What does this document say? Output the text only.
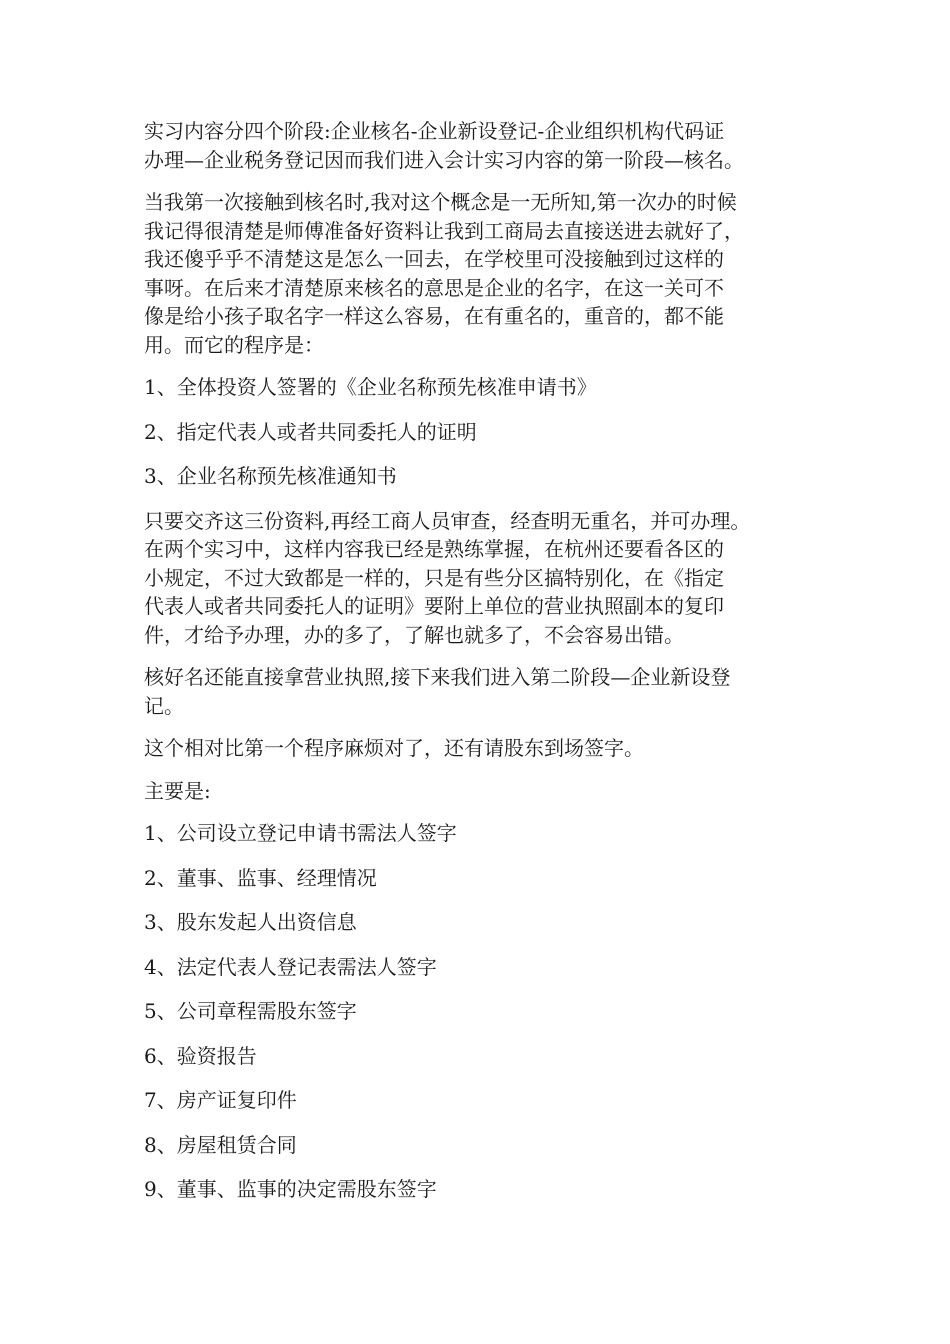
实习内容分四个阶段:企业核名-企业新设登记-企业组织机构代码证
办理—企业税务登记因而我们进入会计实习内容的第一阶段—核名。

当我第一次接触到核名时,我对这个概念是一无所知,第一次办的时候
我记得很清楚是师傅准备好资料让我到工商局去直接送进去就好了，
我还傻乎乎不清楚这是怎么一回去，在学校里可没接触到过这样的
事呀。在后来才清楚原来核名的意思是企业的名字，在这一关可不
像是给小孩子取名字一样这么容易，在有重名的，重音的，都不能
用。而它的程序是：

1、全体投资人签署的《企业名称预先核准申请书》

2、指定代表人或者共同委托人的证明

3、企业名称预先核准通知书

只要交齐这三份资料,再经工商人员审查，经查明无重名，并可办理。
在两个实习中，这样内容我已经是熟练掌握，在杭州还要看各区的
小规定，不过大致都是一样的，只是有些分区搞特别化，在《指定
代表人或者共同委托人的证明》要附上单位的营业执照副本的复印
件，才给予办理，办的多了，了解也就多了，不会容易出错。

核好名还能直接拿营业执照,接下来我们进入第二阶段—企业新设登
记。

这个相对比第一个程序麻烦对了，还有请股东到场签字。

主要是:

1、公司设立登记申请书需法人签字

2、董事、监事、经理情况

3、股东发起人出资信息

4、法定代表人登记表需法人签字

5、公司章程需股东签字

6、验资报告

7、房产证复印件

8、房屋租赁合同

9、董事、监事的决定需股东签字
